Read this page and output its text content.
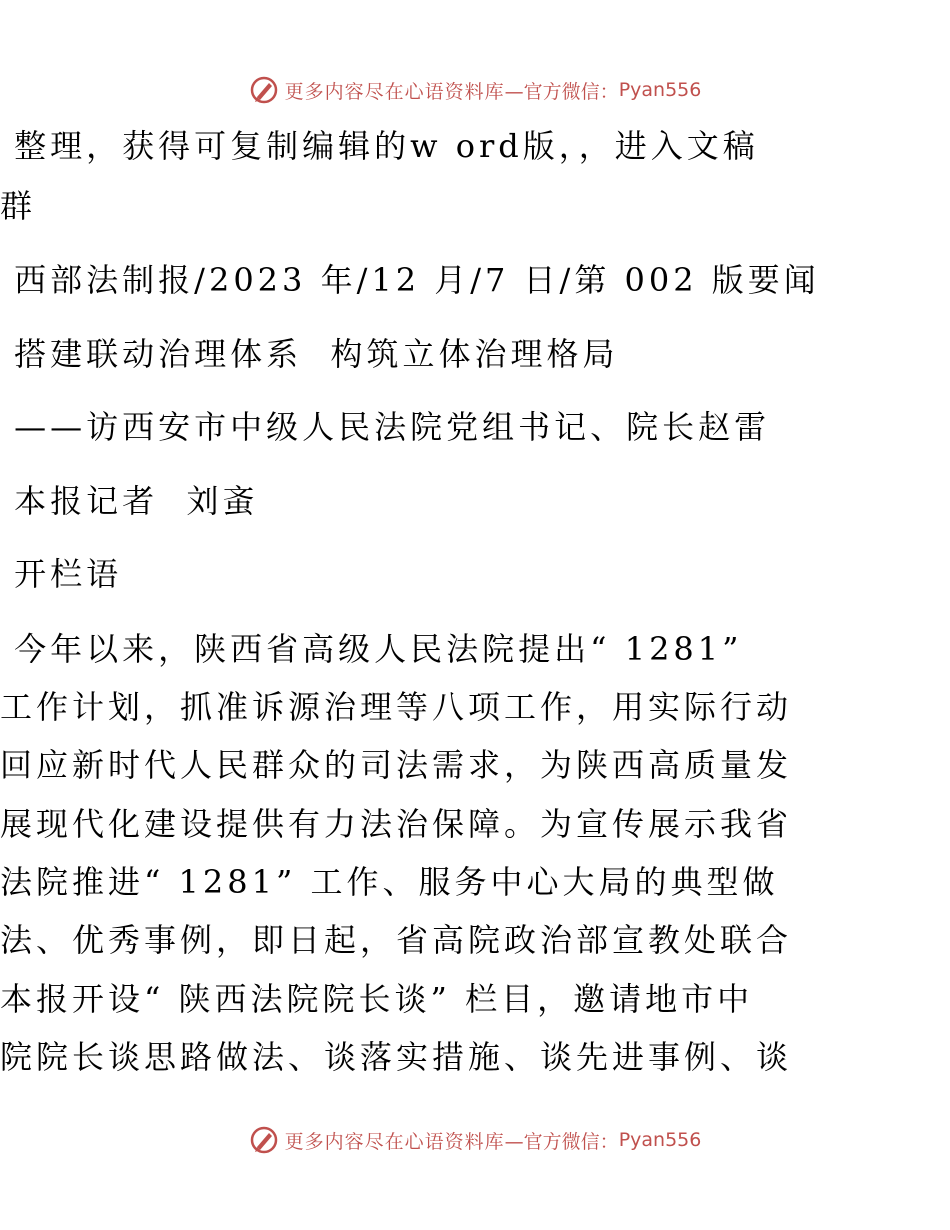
更多内容尽在心语资料库 —官方微信： Pyan556
整理，获得可复制编辑的w ord版，，进入文稿
群
西部法制报/2023 年/12 月/7 日/第 002 版要闻
搭建联动治理体系  构筑立体治理格局
——访西安市中级人民法院党组书记、院长赵雷
本报记者  刘蚉
开栏语
今年以来，陕西省高级人民法院提出“ 1281”
工作计划，抓准诉源治理等八项工作，用实际行动
回应新时代人民群众的司法需求，为陕西高质量发
展现代化建设提供有力法治保障。为宣传展示我省
法院推进“ 1281” 工作、服务中心大局的典型做
法、优秀事例，即日起，省高院政治部宣教处联合
本报开设“ 陕西法院院长谈” 栏目，邀请地市中
院院长谈思路做法、谈落实措施、谈先进事例、谈
更多内容尽在心语资料库 —官方微信： Pyan556
